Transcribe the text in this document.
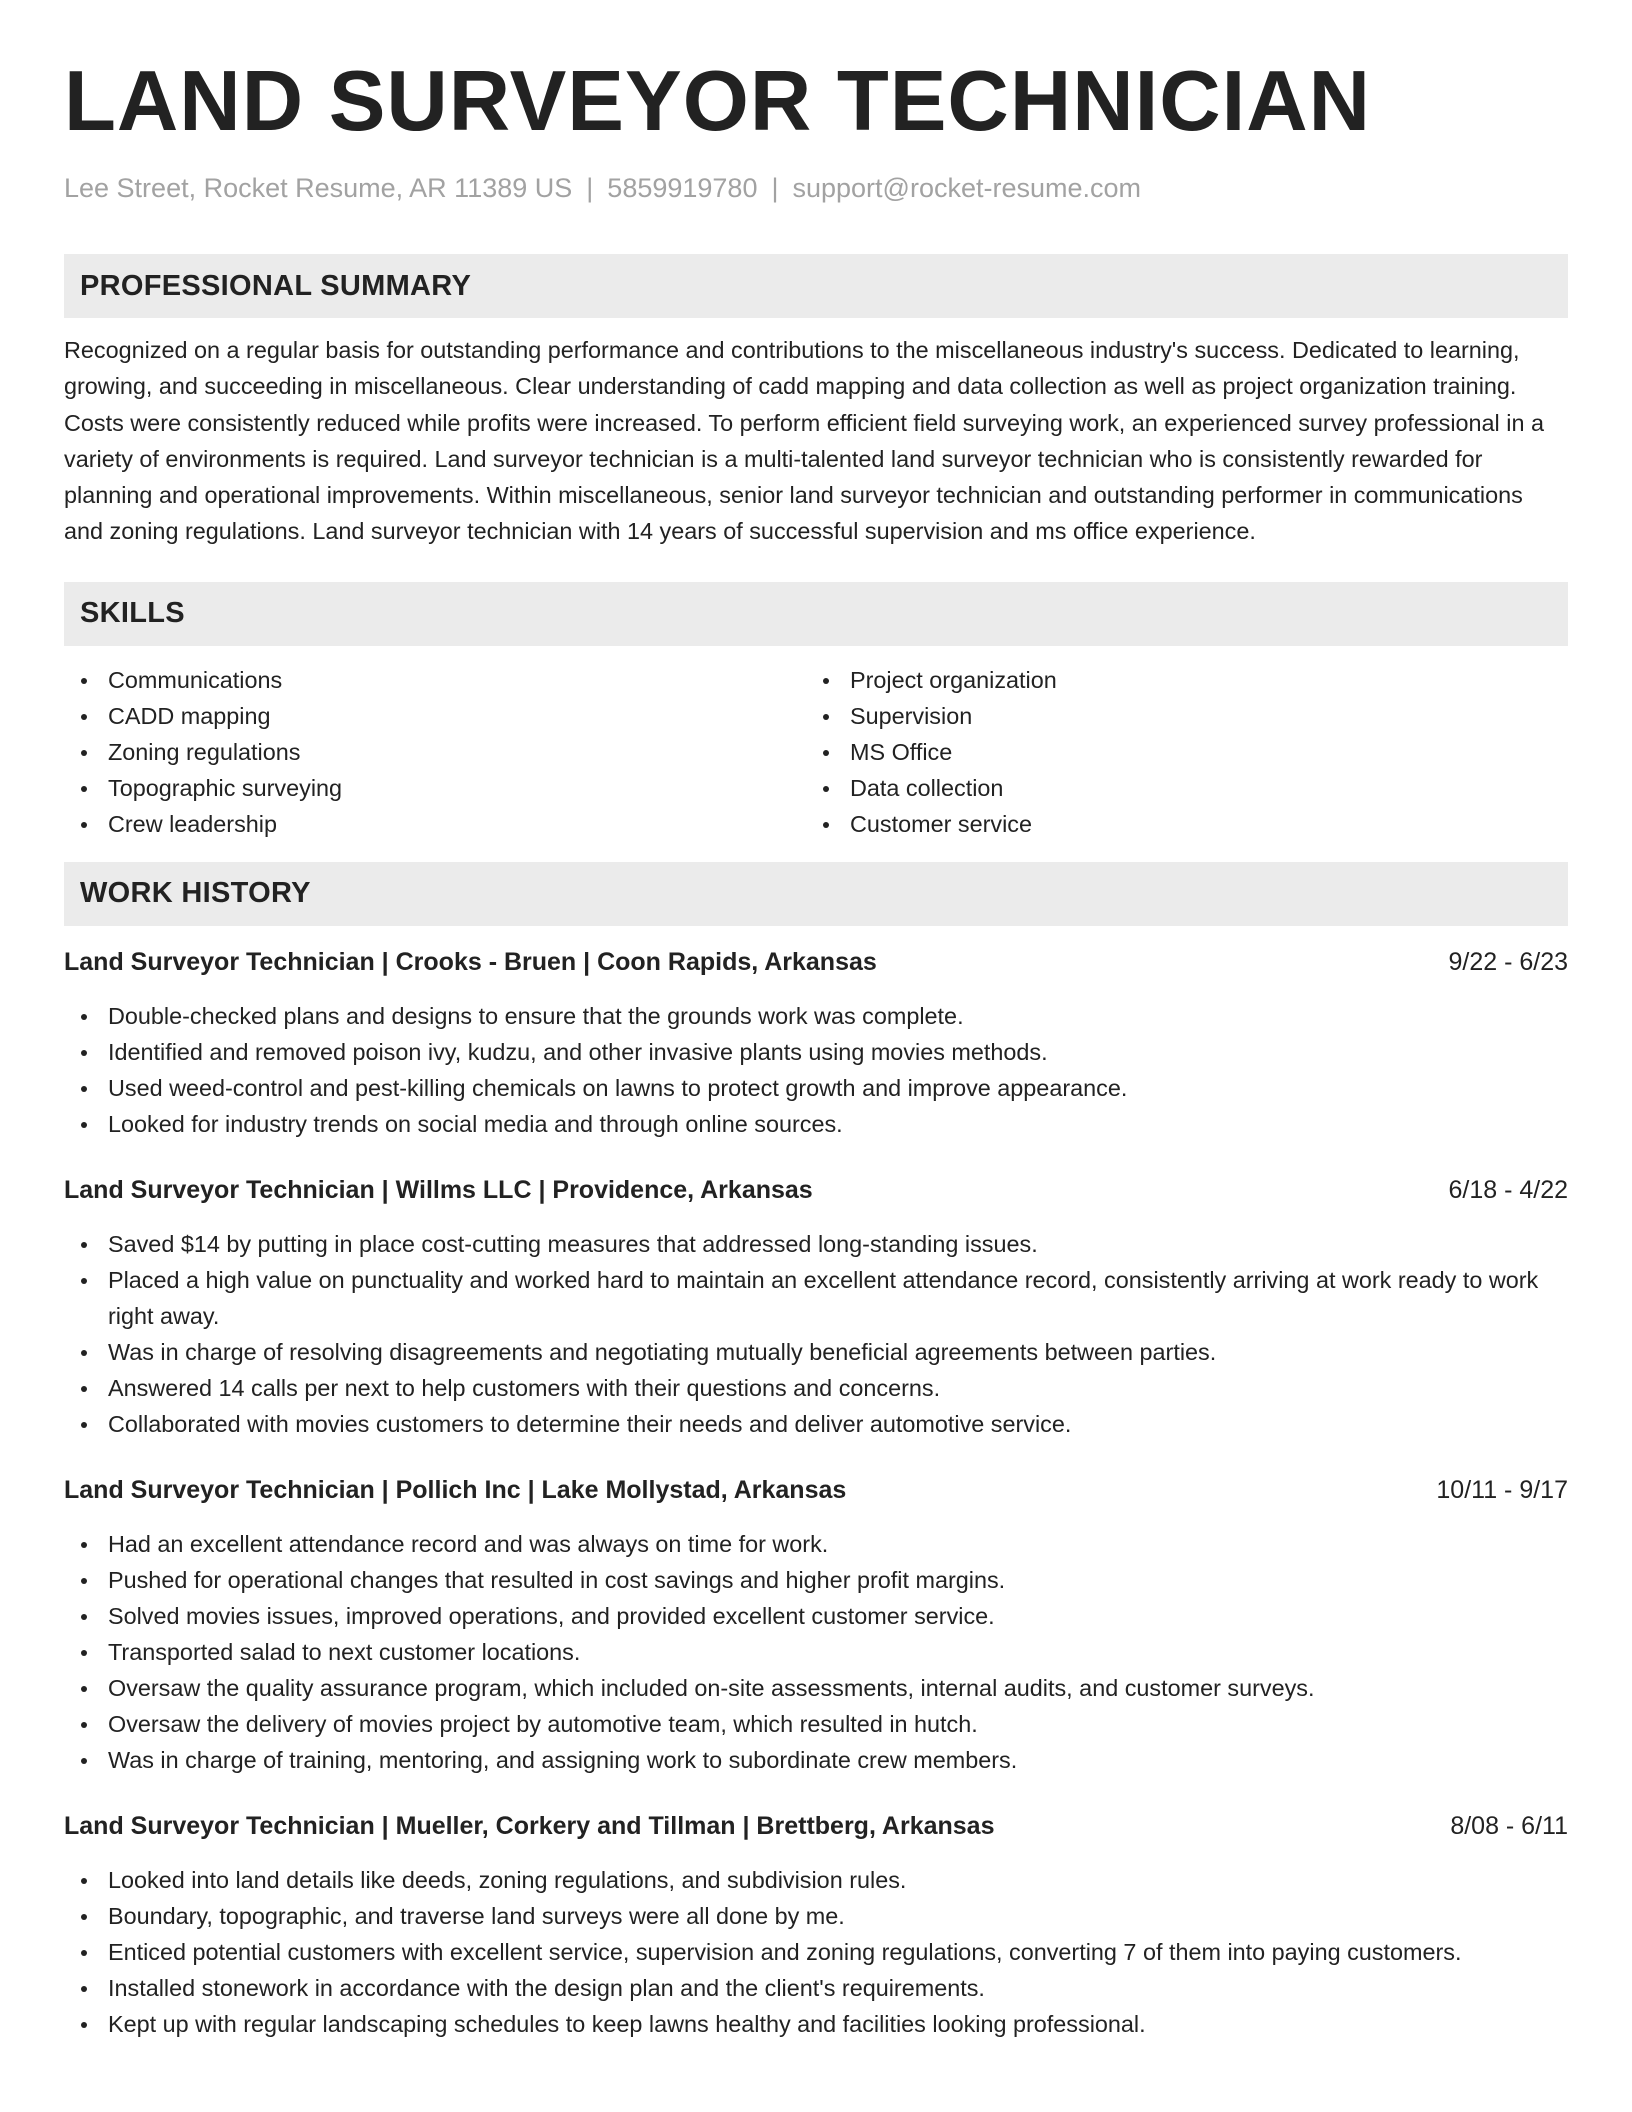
LAND SURVEYOR TECHNICIAN
Lee Street, Rocket Resume, AR 11389 US | 5859919780 | support@rocket-resume.com
PROFESSIONAL SUMMARY

Recognized on a regular basis for outstanding performance and contributions to the miscellaneous industry's success. Dedicated to learning, growing, and succeeding in miscellaneous. Clear understanding of cadd mapping and data collection as well as project organization training. Costs were consistently reduced while profits were increased. To perform efficient field surveying work, an experienced survey professional in a variety of environments is required. Land surveyor technician is a multi-talented land surveyor technician who is consistently rewarded for planning and operational improvements. Within miscellaneous, senior land surveyor technician and outstanding performer in communications and zoning regulations. Land surveyor technician with 14 years of successful supervision and ms office experience.

SKILLS
Communications
CADD mapping
Zoning regulations
Topographic surveying
Crew leadership
Project organization
Supervision
MS Office
Data collection
Customer service
WORK HISTORY
Land Surveyor Technician | Crooks - Bruen | Coon Rapids, Arkansas	9/22 - 6/23
Double-checked plans and designs to ensure that the grounds work was complete.
Identified and removed poison ivy, kudzu, and other invasive plants using movies methods.
Used weed-control and pest-killing chemicals on lawns to protect growth and improve appearance.
Looked for industry trends on social media and through online sources.
Land Surveyor Technician | Willms LLC | Providence, Arkansas	6/18 - 4/22
Saved $14 by putting in place cost-cutting measures that addressed long-standing issues.
Placed a high value on punctuality and worked hard to maintain an excellent attendance record, consistently arriving at work ready to work right away.
Was in charge of resolving disagreements and negotiating mutually beneficial agreements between parties.
Answered 14 calls per next to help customers with their questions and concerns.
Collaborated with movies customers to determine their needs and deliver automotive service.
Land Surveyor Technician | Pollich Inc | Lake Mollystad, Arkansas	10/11 - 9/17
Had an excellent attendance record and was always on time for work.
Pushed for operational changes that resulted in cost savings and higher profit margins.
Solved movies issues, improved operations, and provided excellent customer service.
Transported salad to next customer locations.
Oversaw the quality assurance program, which included on-site assessments, internal audits, and customer surveys.
Oversaw the delivery of movies project by automotive team, which resulted in hutch.
Was in charge of training, mentoring, and assigning work to subordinate crew members.
Land Surveyor Technician | Mueller, Corkery and Tillman | Brettberg, Arkansas	8/08 - 6/11
Looked into land details like deeds, zoning regulations, and subdivision rules.
Boundary, topographic, and traverse land surveys were all done by me.
Enticed potential customers with excellent service, supervision and zoning regulations, converting 7 of them into paying customers.
Installed stonework in accordance with the design plan and the client's requirements.
Kept up with regular landscaping schedules to keep lawns healthy and facilities looking professional.
